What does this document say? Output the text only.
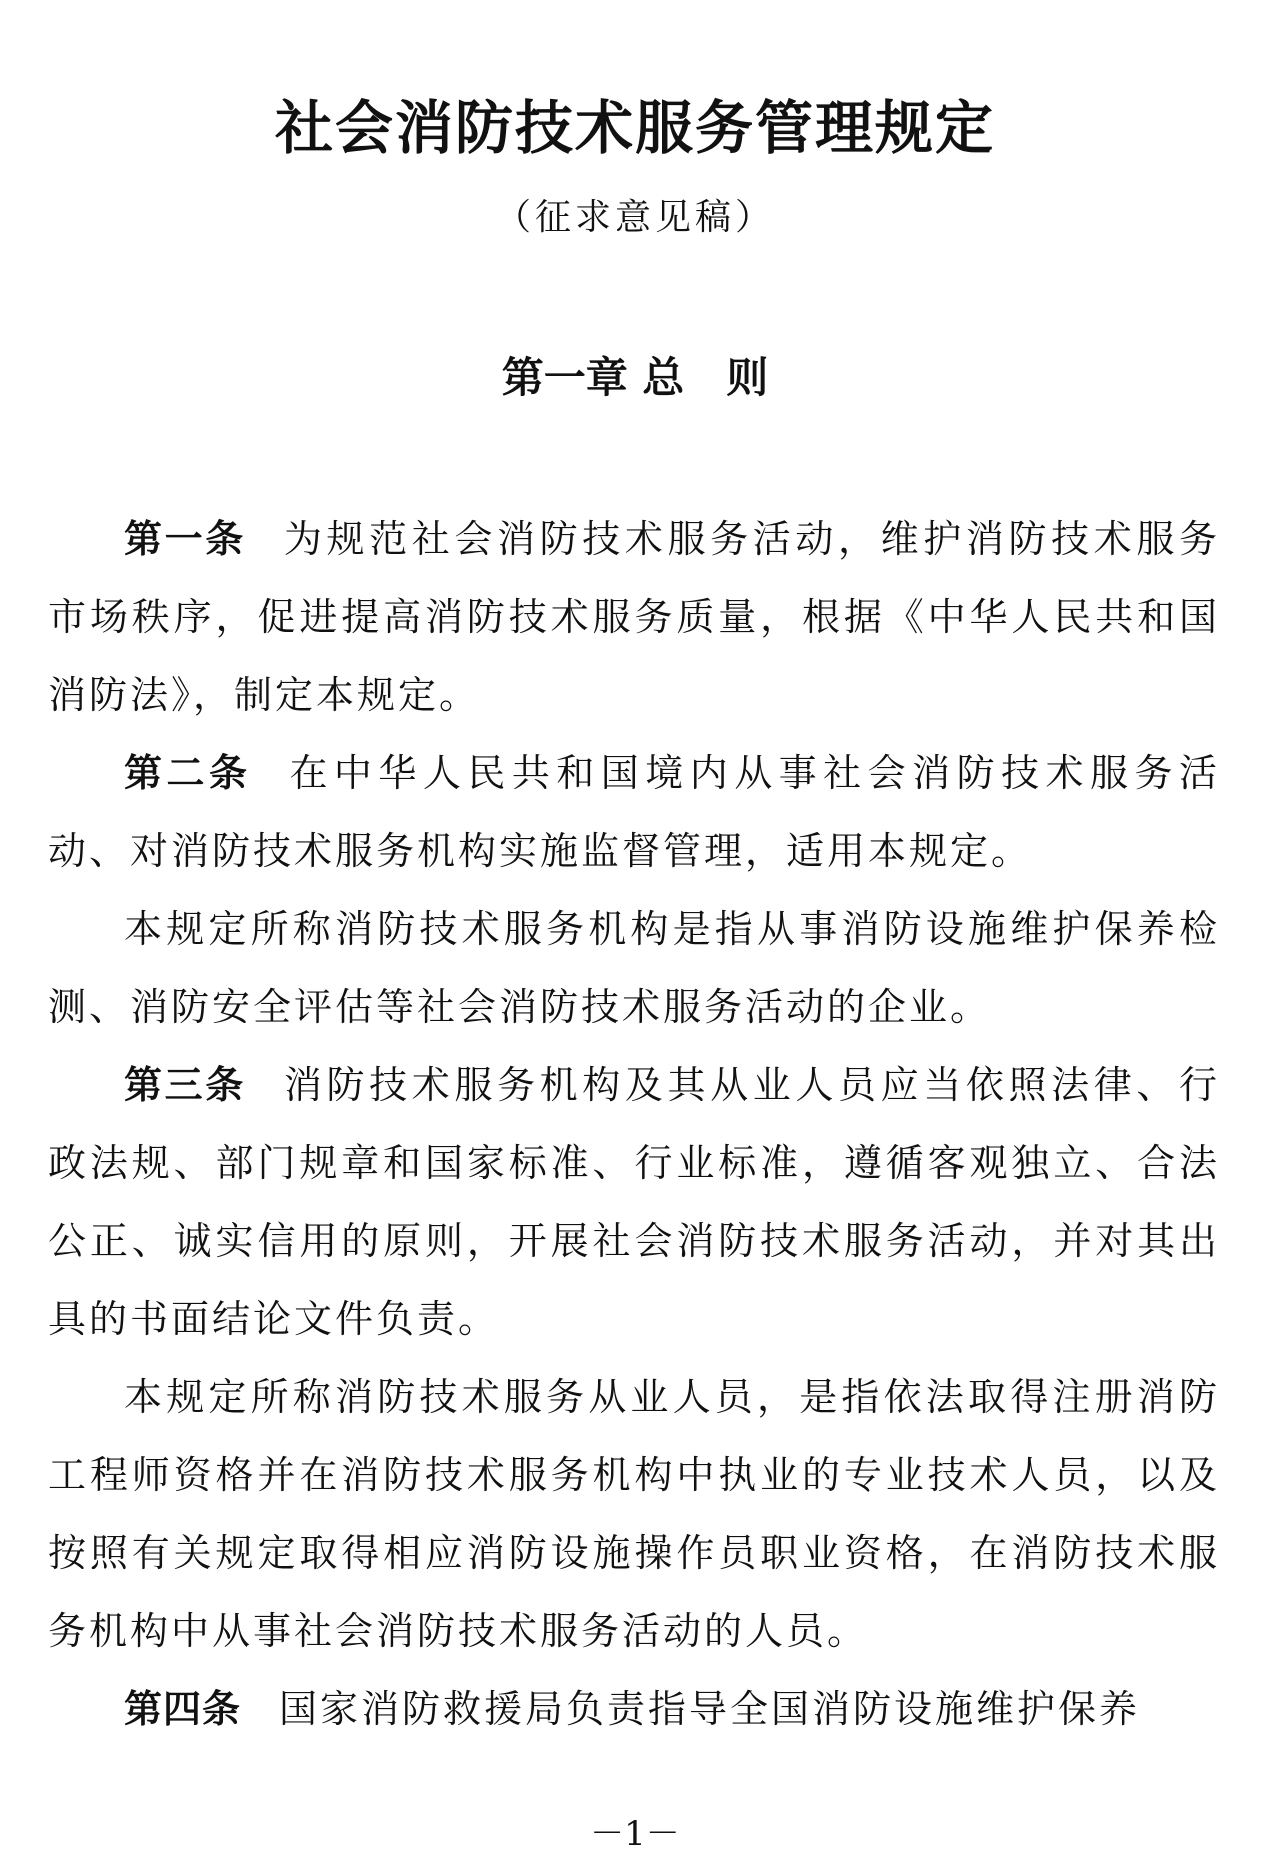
社会消防技术服务管理规定

（征求意见稿）

第一章 总　则

第一条 为规范社会消防技术服务活动，维护消防技术服务市场秩序，促进提高消防技术服务质量，根据《中华人民共和国消防法》，制定本规定。

第二条 在中华人民共和国境内从事社会消防技术服务活动、对消防技术服务机构实施监督管理，适用本规定。

本规定所称消防技术服务机构是指从事消防设施维护保养检测、消防安全评估等社会消防技术服务活动的企业。

第三条 消防技术服务机构及其从业人员应当依照法律、行政法规、部门规章和国家标准、行业标准，遵循客观独立、合法公正、诚实信用的原则，开展社会消防技术服务活动，并对其出具的书面结论文件负责。

本规定所称消防技术服务从业人员，是指依法取得注册消防工程师资格并在消防技术服务机构中执业的专业技术人员，以及按照有关规定取得相应消防设施操作员职业资格，在消防技术服务机构中从事社会消防技术服务活动的人员。

第四条 国家消防救援局负责指导全国消防设施维护保养

－1－
